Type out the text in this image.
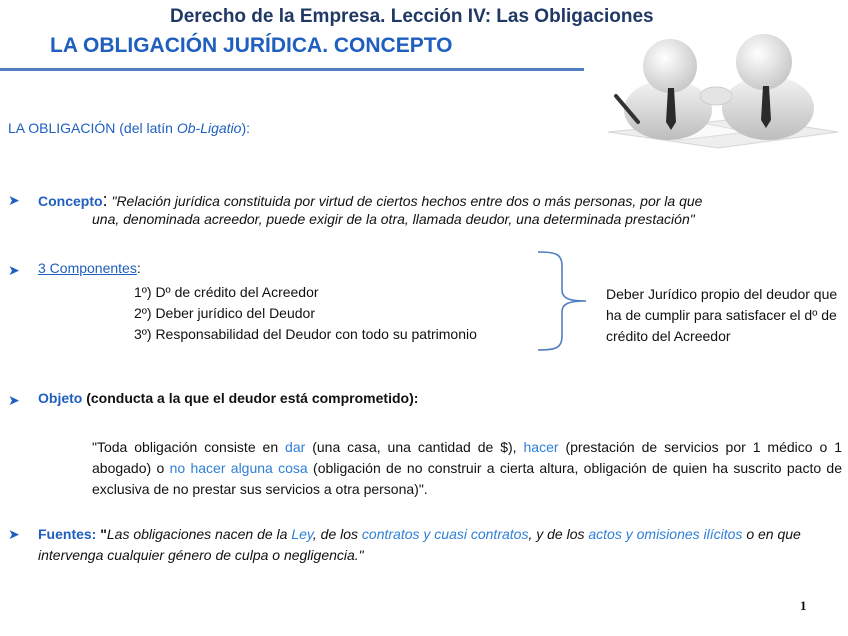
Derecho de la Empresa. Lección IV: Las Obligaciones
LA OBLIGACIÓN JURÍDICA. CONCEPTO
LA OBLIGACIÓN (del latín Ob-Ligatio):
➤
➤
➤
➤
Concepto: "Relación jurídica constituida por virtud de ciertos hechos entre dos o más personas, por la que
una, denominada acreedor, puede exigir de la otra, llamada deudor, una determinada prestación"
3 Componentes:
1º) Dº de crédito del Acreedor
2º) Deber jurídico del Deudor
3º) Responsabilidad del Deudor con todo su patrimonio
Deber Jurídico propio del deudor que ha de cumplir para satisfacer el dº de crédito del Acreedor
Objeto (conducta a la que el deudor está comprometido):
"Toda obligación consiste en dar (una casa, una cantidad de $), hacer (prestación de servicios por 1 médico o 1 abogado) o no hacer alguna cosa (obligación de no construir a cierta altura, obligación de quien ha suscrito pacto de exclusiva de no prestar sus servicios a otra persona)".
Fuentes: "Las obligaciones nacen de la Ley, de los contratos y cuasi contratos, y de los actos y omisiones ilícitos o en que intervenga cualquier género de culpa o negligencia."
1
